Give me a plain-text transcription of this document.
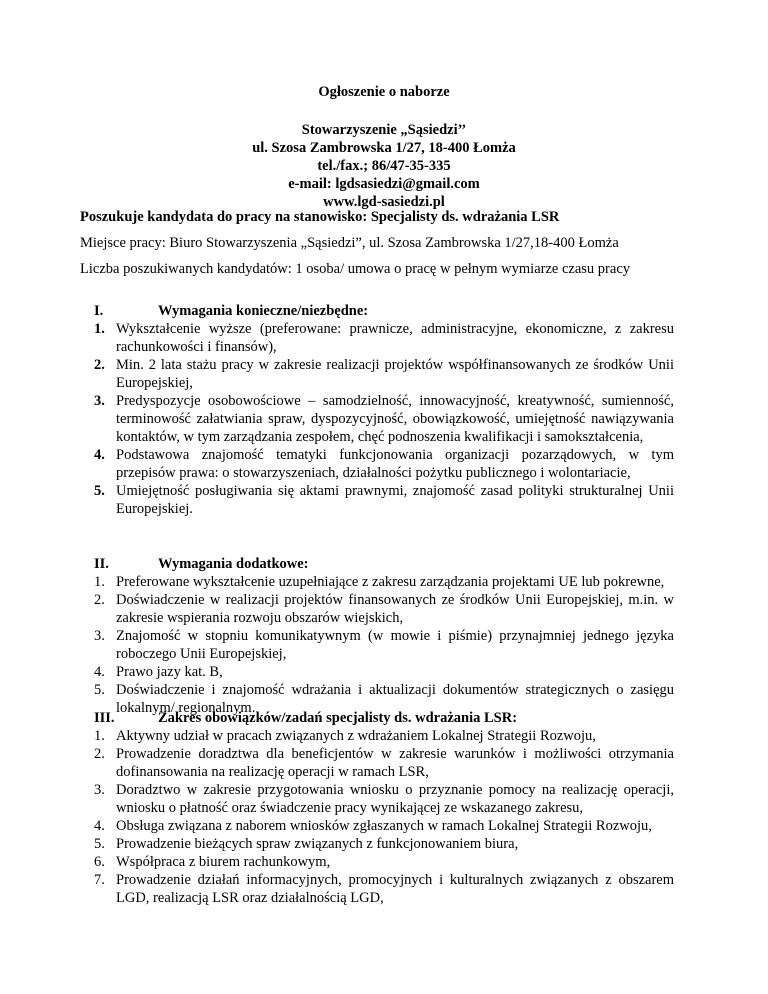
Ogłoszenie o naborze
Stowarzyszenie „Sąsiedzi’’
ul. Szosa Zambrowska 1/27, 18-400 Łomża
tel./fax.; 86/47-35-335
e-mail: lgdsasiedzi@gmail.com
www.lgd-sasiedzi.pl
Poszukuje kandydata do pracy na stanowisko: Specjalisty ds. wdrażania LSR
Miejsce pracy: Biuro Stowarzyszenia „Sąsiedzi”, ul. Szosa Zambrowska 1/27,18-400 Łomża
Liczba poszukiwanych kandydatów: 1 osoba/ umowa o pracę w pełnym wymiarze czasu pracy
I.	Wymagania konieczne/niezbędne:
1. Wykształcenie wyższe (preferowane: prawnicze, administracyjne, ekonomiczne, z zakresu rachunkowości i finansów),
2. Min. 2 lata stażu pracy w zakresie realizacji projektów współfinansowanych ze środków Unii Europejskiej,
3. Predyspozycje osobowościowe – samodzielność, innowacyjność, kreatywność, sumienność, terminowość załatwiania spraw, dyspozycyjność, obowiązkowość, umiejętność nawiązywania kontaktów, w tym zarządzania zespołem, chęć podnoszenia kwalifikacji i samokształcenia,
4. Podstawowa znajomość tematyki funkcjonowania organizacji pozarządowych, w tym przepisów prawa: o stowarzyszeniach, działalności pożytku publicznego i wolontariacie,
5. Umiejętność posługiwania się aktami prawnymi, znajomość zasad polityki strukturalnej Unii Europejskiej.
II.	Wymagania dodatkowe:
1. Preferowane wykształcenie uzupełniające z zakresu zarządzania projektami UE lub pokrewne,
2. Doświadczenie w realizacji projektów finansowanych ze środków Unii Europejskiej, m.in. w zakresie wspierania rozwoju obszarów wiejskich,
3. Znajomość w stopniu komunikatywnym (w mowie i piśmie) przynajmniej jednego języka roboczego Unii Europejskiej,
4. Prawo jazy kat. B,
5. Doświadczenie i znajomość wdrażania i aktualizacji dokumentów strategicznych o zasięgu lokalnym/ regionalnym.
III.	Zakres obowiązków/zadań specjalisty ds. wdrażania LSR:
1. Aktywny udział w pracach związanych z wdrażaniem Lokalnej Strategii Rozwoju,
2. Prowadzenie doradztwa dla beneficjentów w zakresie warunków i możliwości otrzymania dofinansowania na realizację operacji w ramach LSR,
3. Doradztwo w zakresie przygotowania wniosku o przyznanie pomocy na realizację operacji, wniosku o płatność oraz świadczenie pracy wynikającej ze wskazanego zakresu,
4. Obsługa związana z naborem wniosków zgłaszanych w ramach Lokalnej Strategii Rozwoju,
5. Prowadzenie bieżących spraw związanych z funkcjonowaniem biura,
6. Współpraca z biurem rachunkowym,
7. Prowadzenie działań informacyjnych, promocyjnych i kulturalnych związanych z obszarem LGD, realizacją LSR oraz działalnością LGD,
